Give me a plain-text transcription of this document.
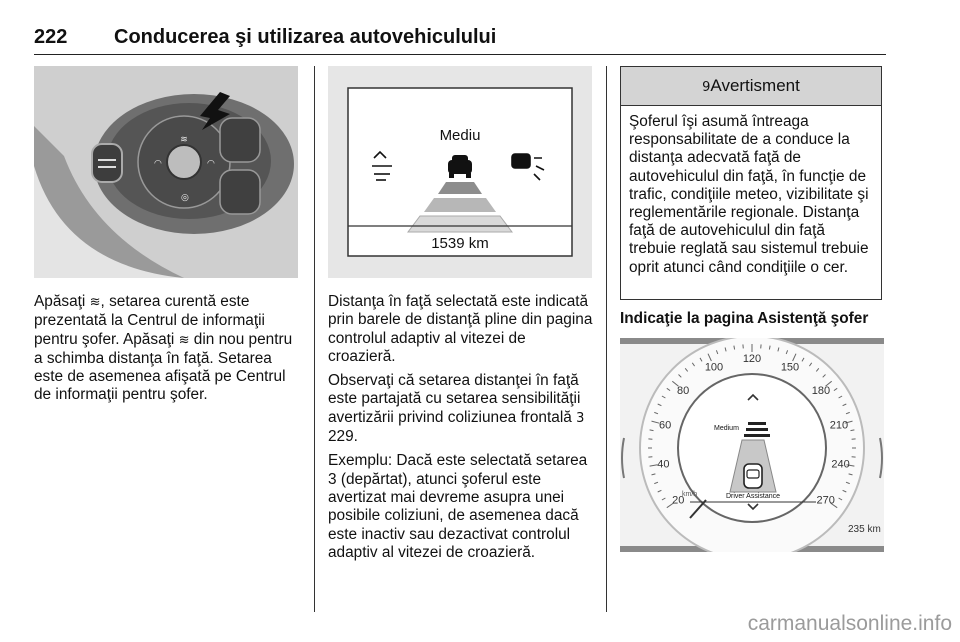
222 Conducerea şi utilizarea autovehiculului
≋
◠	◠
◎

Apăsaţi ≋, setarea curentă este prezentată la Centrul de informaţii pentru şofer. Apăsaţi ≋ din nou pentru a schimba distanţa în faţă. Setarea este de asemenea afişată pe Centrul de informaţii pentru şofer.

Mediu
1539 km

Distanţa în faţă selectată este indicată prin barele de distanţă pline din pagina controlul adaptiv al vitezei de croazieră.

Observaţi că setarea distanţei în faţă este partajată cu setarea sensibilităţii avertizării privind coliziunea frontală 3 229.

Exemplu: Dacă este selectată setarea 3 (depărtat), atunci şoferul este avertizat mai devreme asupra unei posibile coliziuni, de asemenea dacă este inactiv sau dezactivat controlul adaptiv al vitezei de croazieră.

9Avertisment
Şoferul îşi asumă întreaga responsabilitate de a conduce la distanţa adecvată faţă de autovehiculul din faţă, în funcţie de trafic, condiţiile meteo, vizibilitate şi reglementările regionale. Distanţa faţă de autovehiculul din faţă trebuie reglată sau sistemul trebuie oprit atunci când condiţiile o cer.
Indicaţie la pagina Asistenţă şofer
20
40
60
80
100
120
150
180
210
240
270
km/h
Medium
Driver Assistance
235 km
carmanualsonline.info
